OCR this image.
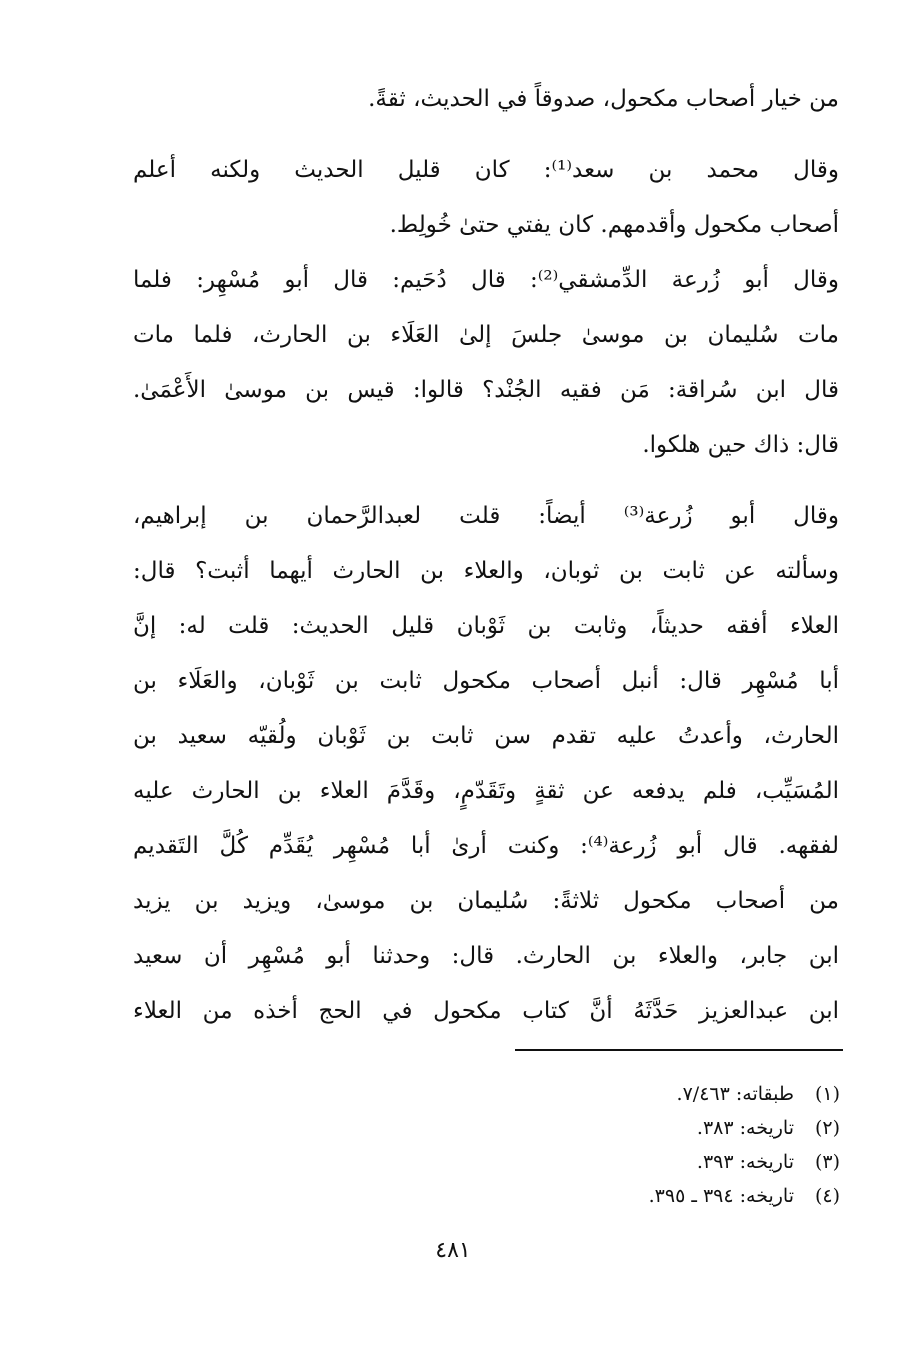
من خيار أصحاب مكحول، صدوقاً في الحديث، ثقةً.
وقال محمد بن سعد⁽¹⁾: كان قليل الحديث ولكنه أعلم
أصحاب مكحول وأقدمهم. كان يفتي حتىٰ خُولِط.
وقال أبو زُرعة الدِّمشقي⁽²⁾: قال دُحَيم: قال أبو مُسْهِر: فلما
مات سُليمان بن موسىٰ جلسَ إلىٰ العَلَاء بن الحارث، فلما مات
قال ابن سُراقة: مَن فقيه الجُنْد؟ قالوا: قيس بن موسىٰ الأَعْمَىٰ.
قال: ذاك حين هلكوا.
وقال أبو زُرعة⁽³⁾ أيضاً: قلت لعبدالرَّحمان بن إبراهيم،
وسألته عن ثابت بن ثوبان، والعلاء بن الحارث أيهما أثبت؟ قال:
العلاء أفقه حديثاً، وثابت بن ثَوْبان قليل الحديث: قلت له: إنَّ
أبا مُسْهِر قال: أنبل أصحاب مكحول ثابت بن ثَوْبان، والعَلَاء بن
الحارث، وأعدتُ عليه تقدم سن ثابت بن ثَوْبان ولُقيّه سعيد بن
المُسَيِّب، فلم يدفعه عن ثقةٍ وتَقَدّمٍ، وقَدَّمَ العلاء بن الحارث عليه
لفقهه. قال أبو زُرعة⁽⁴⁾: وكنت أرىٰ أبا مُسْهِر يُقَدِّم كُلَّ التَقديم
من أصحاب مكحول ثلاثةً: سُليمان بن موسىٰ، ويزيد بن يزيد
ابن جابر، والعلاء بن الحارث. قال: وحدثنا أبو مُسْهِر أن سعيد
ابن عبدالعزيز حَدَّثَهُ أنَّ كتاب مكحول في الحج أخذه من العلاء
(١)
طبقاته: ٧/٤٦٣.
(٢)
تاريخه: ٣٨٣.
(٣)
تاريخه: ٣٩٣.
(٤)
تاريخه: ٣٩٤ ـ ٣٩٥.
٤٨١
